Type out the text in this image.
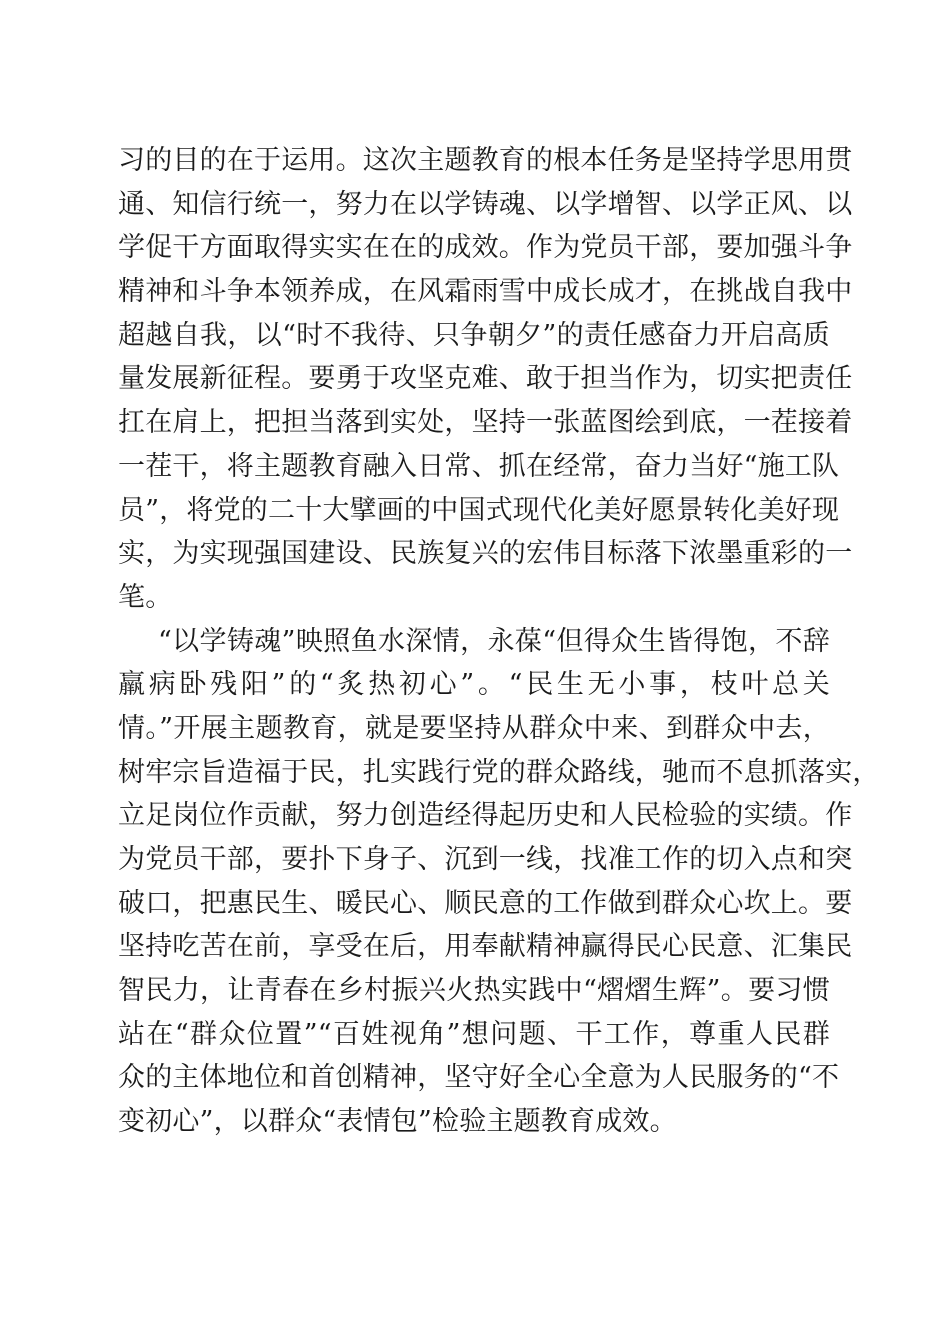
习的目的在于运用。这次主题教育的根本任务是坚持学思用贯
通、知信行统一，努力在以学铸魂、以学增智、以学正风、以
学促干方面取得实实在在的成效。作为党员干部，要加强斗争
精神和斗争本领养成，在风霜雨雪中成长成才，在挑战自我中
超越自我，以“时不我待、只争朝夕”的责任感奋力开启高质
量发展新征程。要勇于攻坚克难、敢于担当作为，切实把责任
扛在肩上，把担当落到实处，坚持一张蓝图绘到底，一茬接着
一茬干，将主题教育融入日常、抓在经常，奋力当好“施工队
员”，将党的二十大擘画的中国式现代化美好愿景转化美好现
实，为实现强国建设、民族复兴的宏伟目标落下浓墨重彩的一
笔。
“以学铸魂”映照鱼水深情，永葆“但得众生皆得饱，不辞
羸病卧残阳”的“炙热初心”。“民生无小事，枝叶总关
情。”开展主题教育，就是要坚持从群众中来、到群众中去，
树牢宗旨造福于民，扎实践行党的群众路线，驰而不息抓落实，
立足岗位作贡献，努力创造经得起历史和人民检验的实绩。作
为党员干部，要扑下身子、沉到一线，找准工作的切入点和突
破口，把惠民生、暖民心、顺民意的工作做到群众心坎上。要
坚持吃苦在前，享受在后，用奉献精神赢得民心民意、汇集民
智民力，让青春在乡村振兴火热实践中“熠熠生辉”。要习惯
站在“群众位置”“百姓视角”想问题、干工作，尊重人民群
众的主体地位和首创精神，坚守好全心全意为人民服务的“不
变初心”，以群众“表情包”检验主题教育成效。
